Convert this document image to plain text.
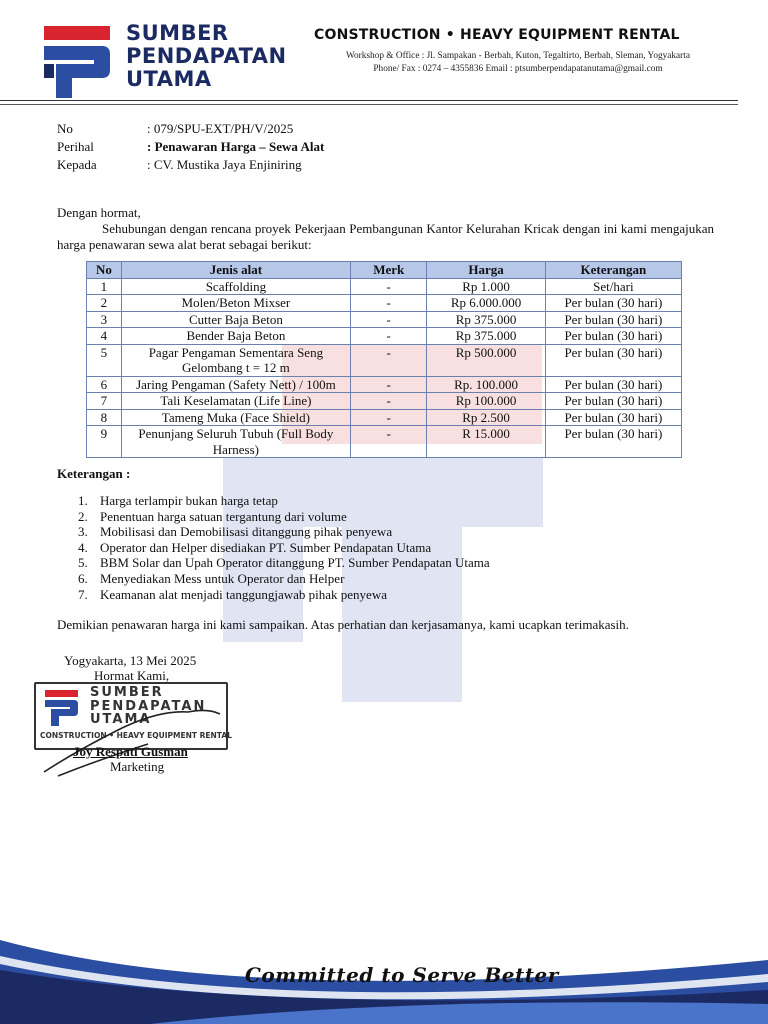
SUMBER
PENDAPATAN
UTAMA
CONSTRUCTION • HEAVY EQUIPMENT RENTAL
Workshop & Office : Jl. Sampakan - Berbah, Kuton, Tegaltirto, Berbah, Sleman, Yogyakarta
Phone/ Fax : 0274 – 4355836 Email : ptsumberpendapatanutama@gmail.com
No	: 079/SPU-EXT/PH/V/2025
Perihal	: Penawaran Harga – Sewa Alat
Kepada	: CV. Mustika Jaya Enjiniring
Dengan hormat,
Sehubungan dengan rencana proyek Pekerjaan Pembangunan Kantor Kelurahan Kricak dengan ini kami mengajukan harga penawaran sewa alat berat sebagai berikut:
No	Jenis alat	Merk	Harga	Keterangan
1	Scaffolding	-	Rp 1.000	Set/hari
2	Molen/Beton Mixser	-	Rp 6.000.000	Per bulan (30 hari)
3	Cutter Baja Beton	-	Rp 375.000	Per bulan (30 hari)
4	Bender Baja Beton	-	Rp 375.000	Per bulan (30 hari)
5	Pagar Pengaman Sementara Seng Gelombang t = 12 m	-	Rp 500.000	Per bulan (30 hari)
6	Jaring Pengaman (Safety Nett) / 100m	-	Rp. 100.000	Per bulan (30 hari)
7	Tali Keselamatan (Life Line)	-	Rp 100.000	Per bulan (30 hari)
8	Tameng Muka (Face Shield)	-	Rp 2.500	Per bulan (30 hari)
9	Penunjang Seluruh Tubuh (Full Body Harness)	-	R 15.000	Per bulan (30 hari)
Keterangan :
1. Harga terlampir bukan harga tetap
2. Penentuan harga satuan tergantung dari volume
3. Mobilisasi dan Demobilisasi ditanggung pihak penyewa
4. Operator dan Helper disediakan PT. Sumber Pendapatan Utama
5. BBM Solar dan Upah Operator ditanggung PT. Sumber Pendapatan Utama
6. Menyediakan Mess untuk Operator dan Helper
7. Keamanan alat menjadi tanggungjawab pihak penyewa
Demikian penawaran harga ini kami sampaikan. Atas perhatian dan kerjasamanya, kami ucapkan terimakasih.
Yogyakarta, 13 Mei 2025
Hormat Kami,
SUMBER
PENDAPATAN
UTAMA
CONSTRUCTION • HEAVY EQUIPMENT RENTAL
Joy Respati Gusman
Marketing
Committed to Serve Better
